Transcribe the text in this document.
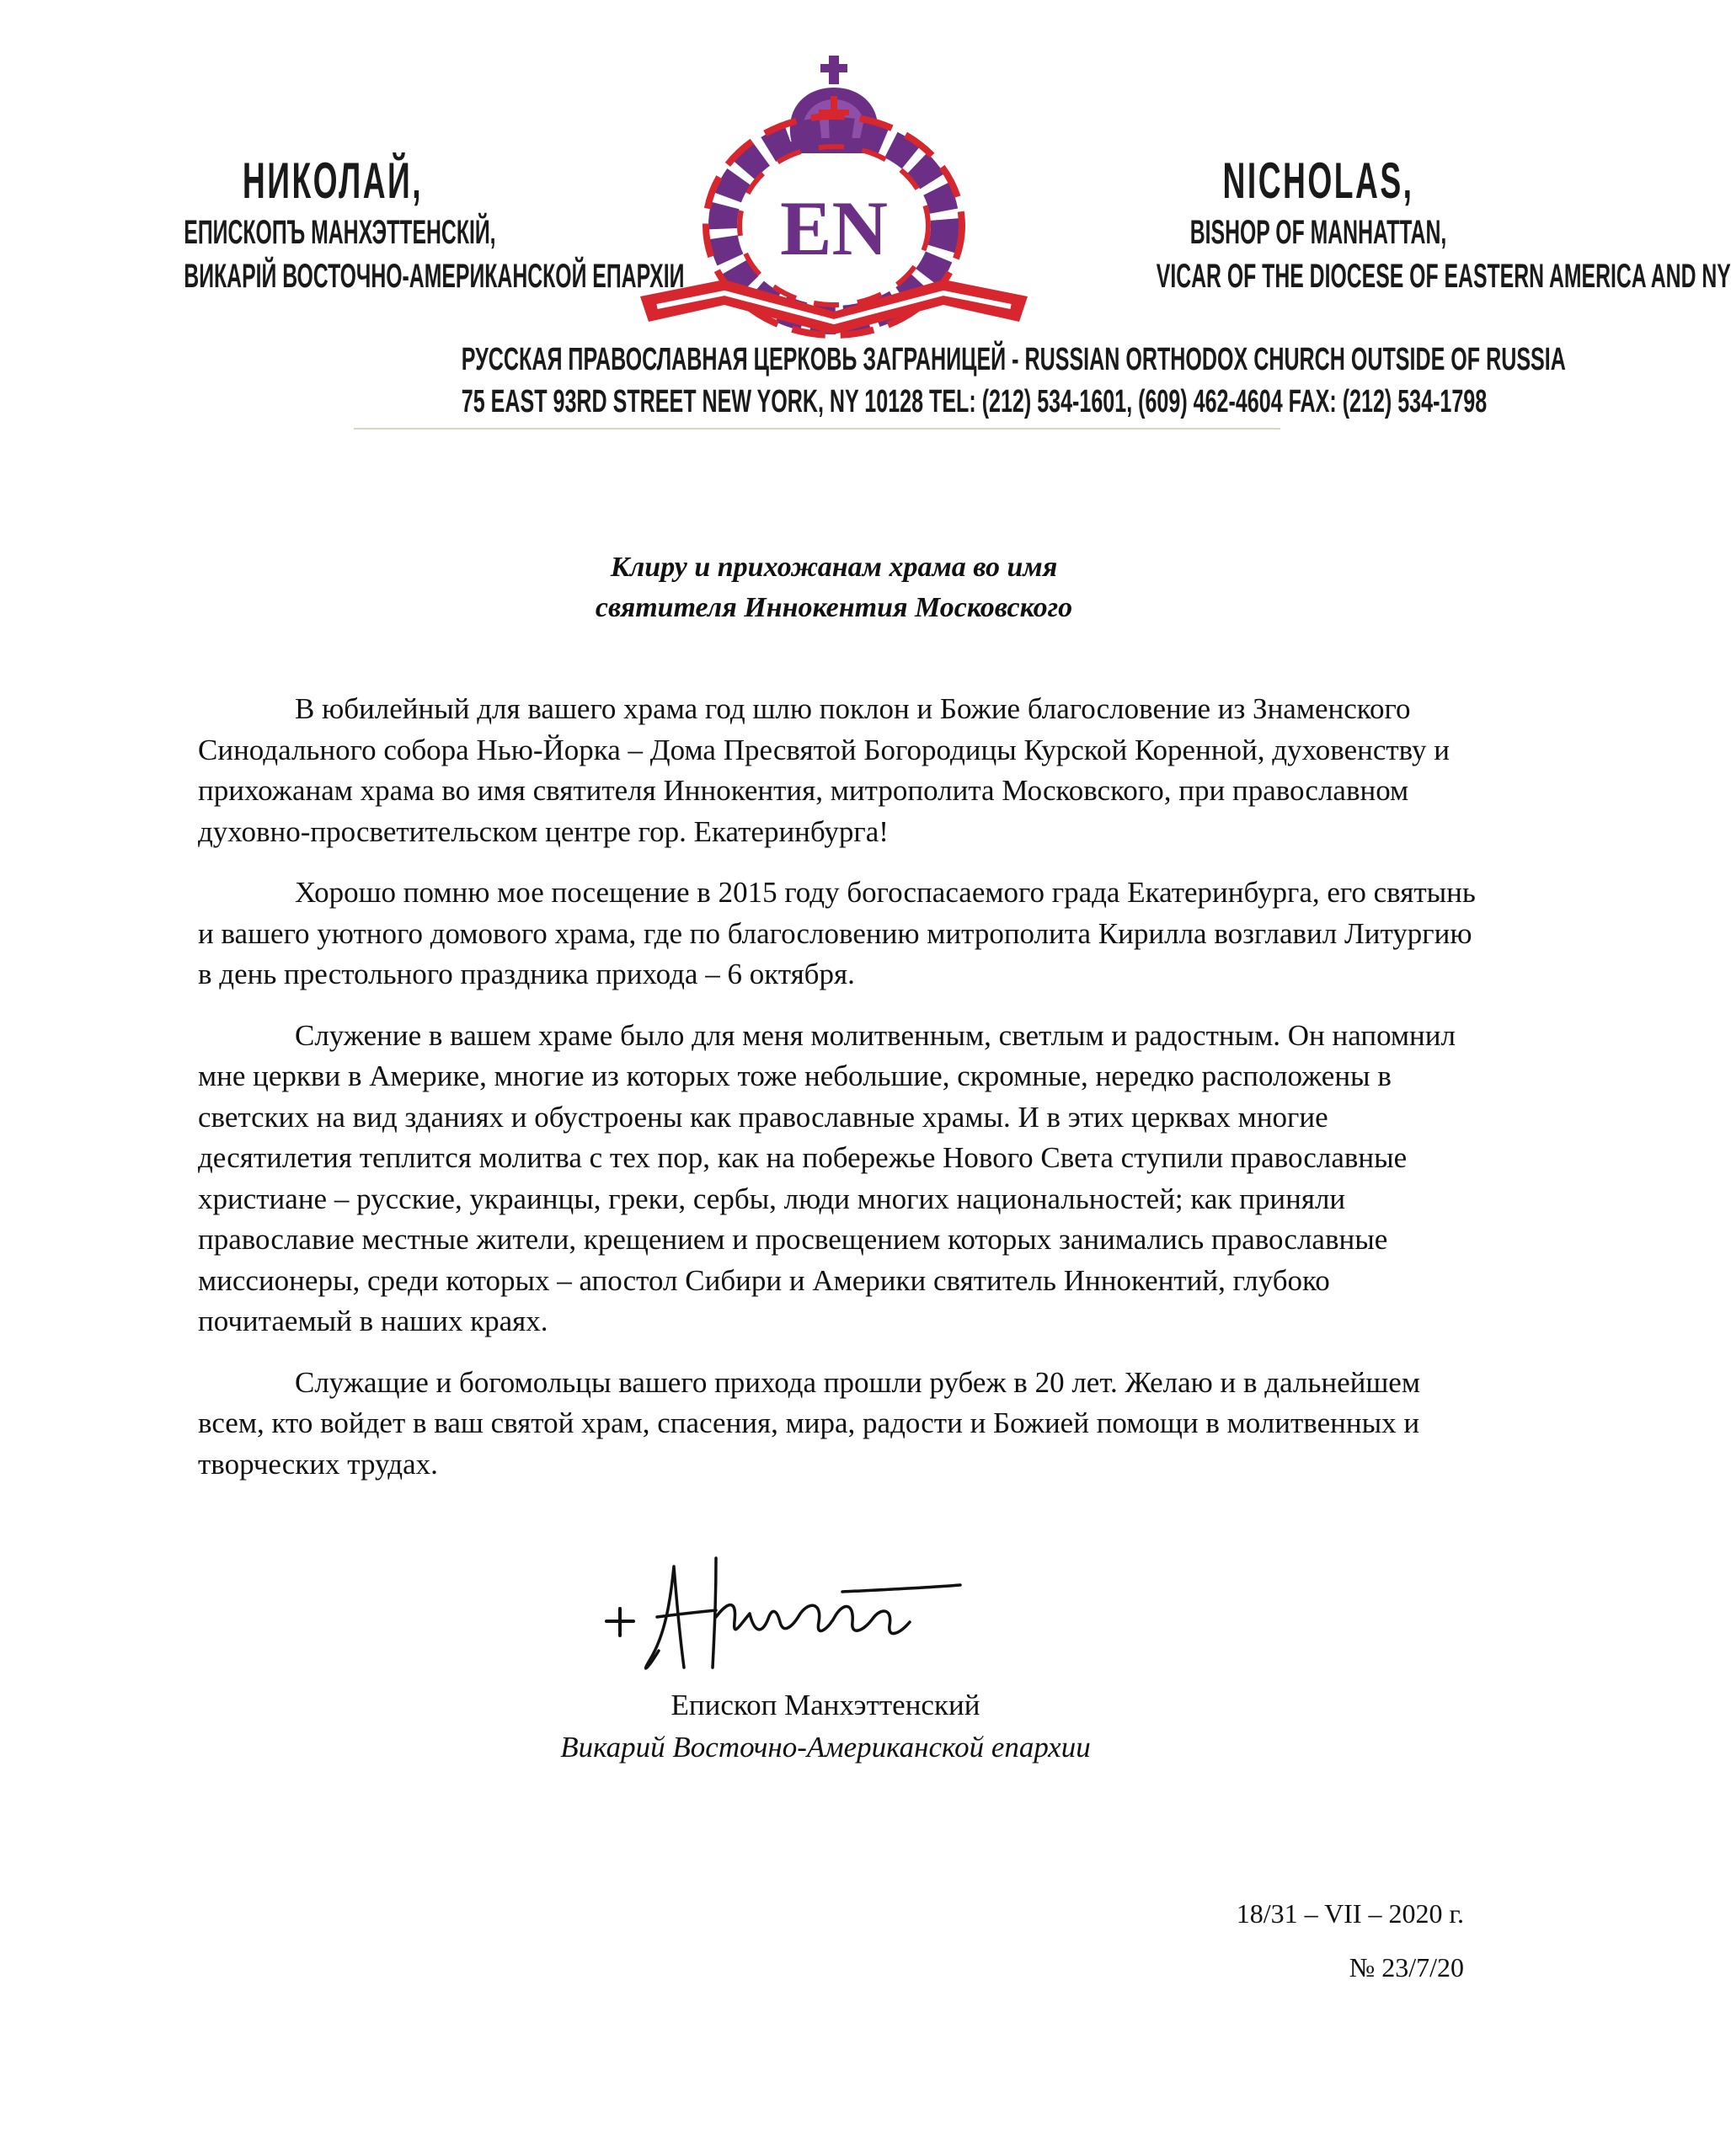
НИКОЛАЙ,
ЕПИСКОПЪ МАНХЭТТЕНСКІЙ,
ВИКАРІЙ ВОСТОЧНО-АМЕРИКАНСКОЙ ЕПАРХІИ
EN
NICHOLAS,
BISHOP OF MANHATTAN,
VICAR OF THE DIOCESE OF EASTERN AMERICA AND NY
РУССКАЯ ПРАВОСЛАВНАЯ ЦЕРКОВЬ ЗАГРАНИЦЕЙ - RUSSIAN ORTHODOX CHURCH OUTSIDE OF RUSSIA
75 EAST 93RD STREET NEW YORK, NY 10128 TEL: (212) 534-1601, (609) 462-4604 FAX: (212) 534-1798
Клиру и прихожанам храма во имя
святителя Иннокентия Московского

В юбилейный для вашего храма год шлю поклон и Божие благословение из Знаменского Синодального собора Нью-Йорка – Дома Пресвятой Богородицы Курской Коренной, духовенству и прихожанам храма во имя святителя Иннокентия, митрополита Московского, при православном духовно-просветительском центре гор. Екатеринбурга!

Хорошо помню мое посещение в 2015 году богоспасаемого града Екатеринбурга, его святынь и вашего уютного домового храма, где по благословению митрополита Кирилла возглавил Литургию в день престольного праздника прихода – 6 октября.

Служение в вашем храме было для меня молитвенным, светлым и радостным. Он напомнил мне церкви в Америке, многие из которых тоже небольшие, скромные, нередко расположены в светских на вид зданиях и обустроены как православные храмы. И в этих церквах многие десятилетия теплится молитва с тех пор, как на побережье Нового Света ступили православные христиане – русские, украинцы, греки, сербы, люди многих национальностей; как приняли православие местные жители, крещением и просвещением которых занимались православные миссионеры, среди которых – апостол Сибири и Америки святитель Иннокентий, глубоко почитаемый в наших краях.

Служащие и богомольцы вашего прихода прошли рубеж в 20 лет. Желаю и в дальнейшем всем, кто войдет в ваш святой храм, спасения, мира, радости и Божией помощи в молитвенных и творческих трудах.

Епископ Манхэттенский
Викарий Восточно-Американской епархии
18/31 – VII – 2020 г.
№ 23/7/20
